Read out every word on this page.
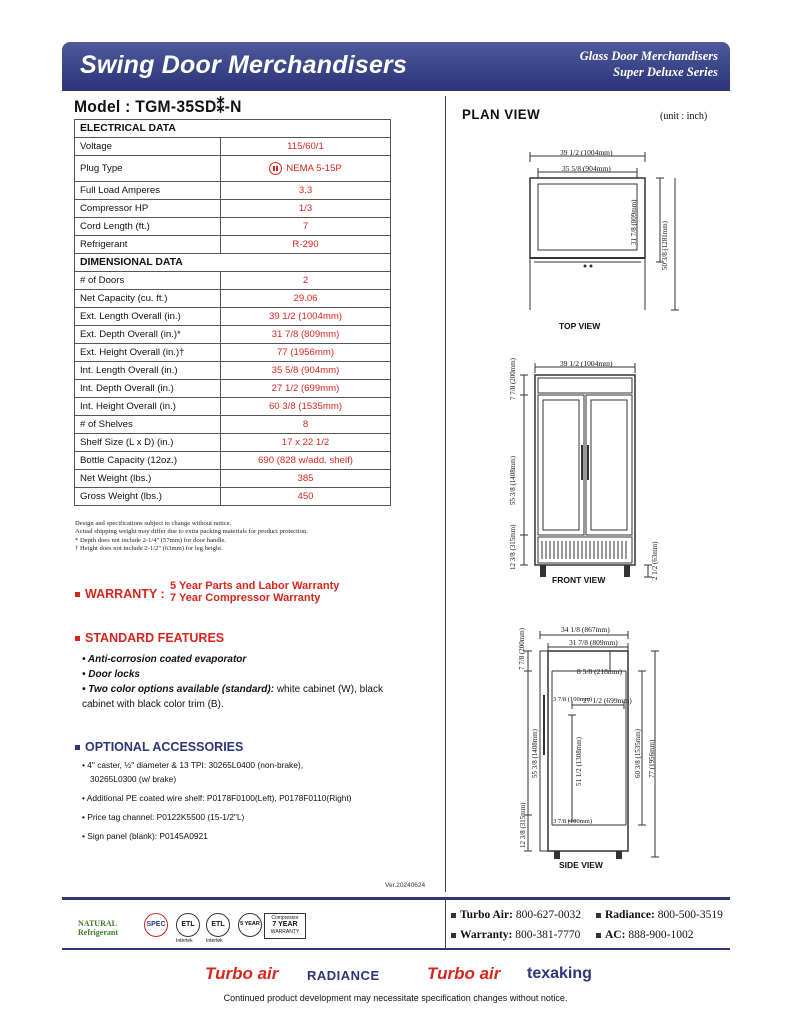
Swing Door Merchandisers	Glass Door Merchandisers
Super Deluxe Series
Model : TGM-35SD⁑-N
ELECTRICAL DATA	
Voltage	115/60/1
Plug Type	NEMA 5-15P
Full Load Amperes	3.3
Compressor HP	1/3
Cord Length (ft.)	7
Refrigerant	R-290
DIMENSIONAL DATA	
# of Doors	2
Net Capacity (cu. ft.)	29.06
Ext. Length Overall (in.)	39 1/2 (1004mm)
Ext. Depth Overall (in.)*	31 7/8 (809mm)
Ext. Height Overall (in.)†	77 (1956mm)
Int. Length Overall (in.)	35 5/8 (904mm)
Int. Depth Overall (in.)	27 1/2 (699mm)
Int. Height Overall (in.)	60 3/8 (1535mm)
# of Shelves	8
Shelf Size (L x D) (in.)	17 x 22 1/2
Bottle Capacity (12oz.)	690 (828 w/add. shelf)
Net Weight (lbs.)	385
Gross Weight (lbs.)	450
Design and specifications subject to change without notice.
Actual shipping weight may differ due to extra packing materials for product protection.
* Depth does not include 2-1/4" (57mm) for door handle.
† Height does not include 2-1/2" (63mm) for leg height.
WARRANTY :
5 Year Parts and Labor Warranty
7 Year Compressor Warranty
STANDARD FEATURES
• Anti-corrosion coated evaporator
• Door locks
• Two color options available (standard): white cabinet (W), black cabinet with black color trim (B).
OPTIONAL ACCESSORIES
• 4" caster, ½" diameter & 13 TPI: 30265L0400 (non-brake),
30265L0300 (w/ brake)
• Additional PE coated wire shelf: P0178F0100(Left), P0178F0110(Right)
• Price tag channel: P0122K5500 (15-1/2"L)
• Sign panel (blank): P0145A0921
Ver.20240624
PLAN VIEW	(unit : inch)
39 1/2 (1004mm)
35 5/8 (904mm)
31 7/8 (809mm)	50 3/8 (1281mm)
TOP VIEW
39 1/2 (1004mm)
7 7/8 (200mm)
55 3/8 (1408mm)
12 3/8 (315mm)	2 1/2 (63mm)
FRONT VIEW
34 1/8 (867mm)
31 7/8 (809mm)
7 7/8 (200mm)
8 5/8 (218mm)
3 7/8 (100mm)
27 1/2 (699mm)
55 3/8 (1408mm)	51 1/2 (1308mm)	60 3/8 (1535mm) 77 (1956mm)
3 7/8 (100mm)
12 3/8 (315mm)
SIDE VIEW
NATURAL
Refrigerant
SPEC	ETL
Intertek
ETL
Intertek
5 YEAR
Compressor
7 YEAR
WARRANTY
Turbo Air: 800-627-0032	Radiance: 800-500-3519
Warranty: 800-381-7770	AC: 888-900-1002
Turbo air RADIANCE	Turbo air texaking
Continued product development may necessitate specification changes without notice.
